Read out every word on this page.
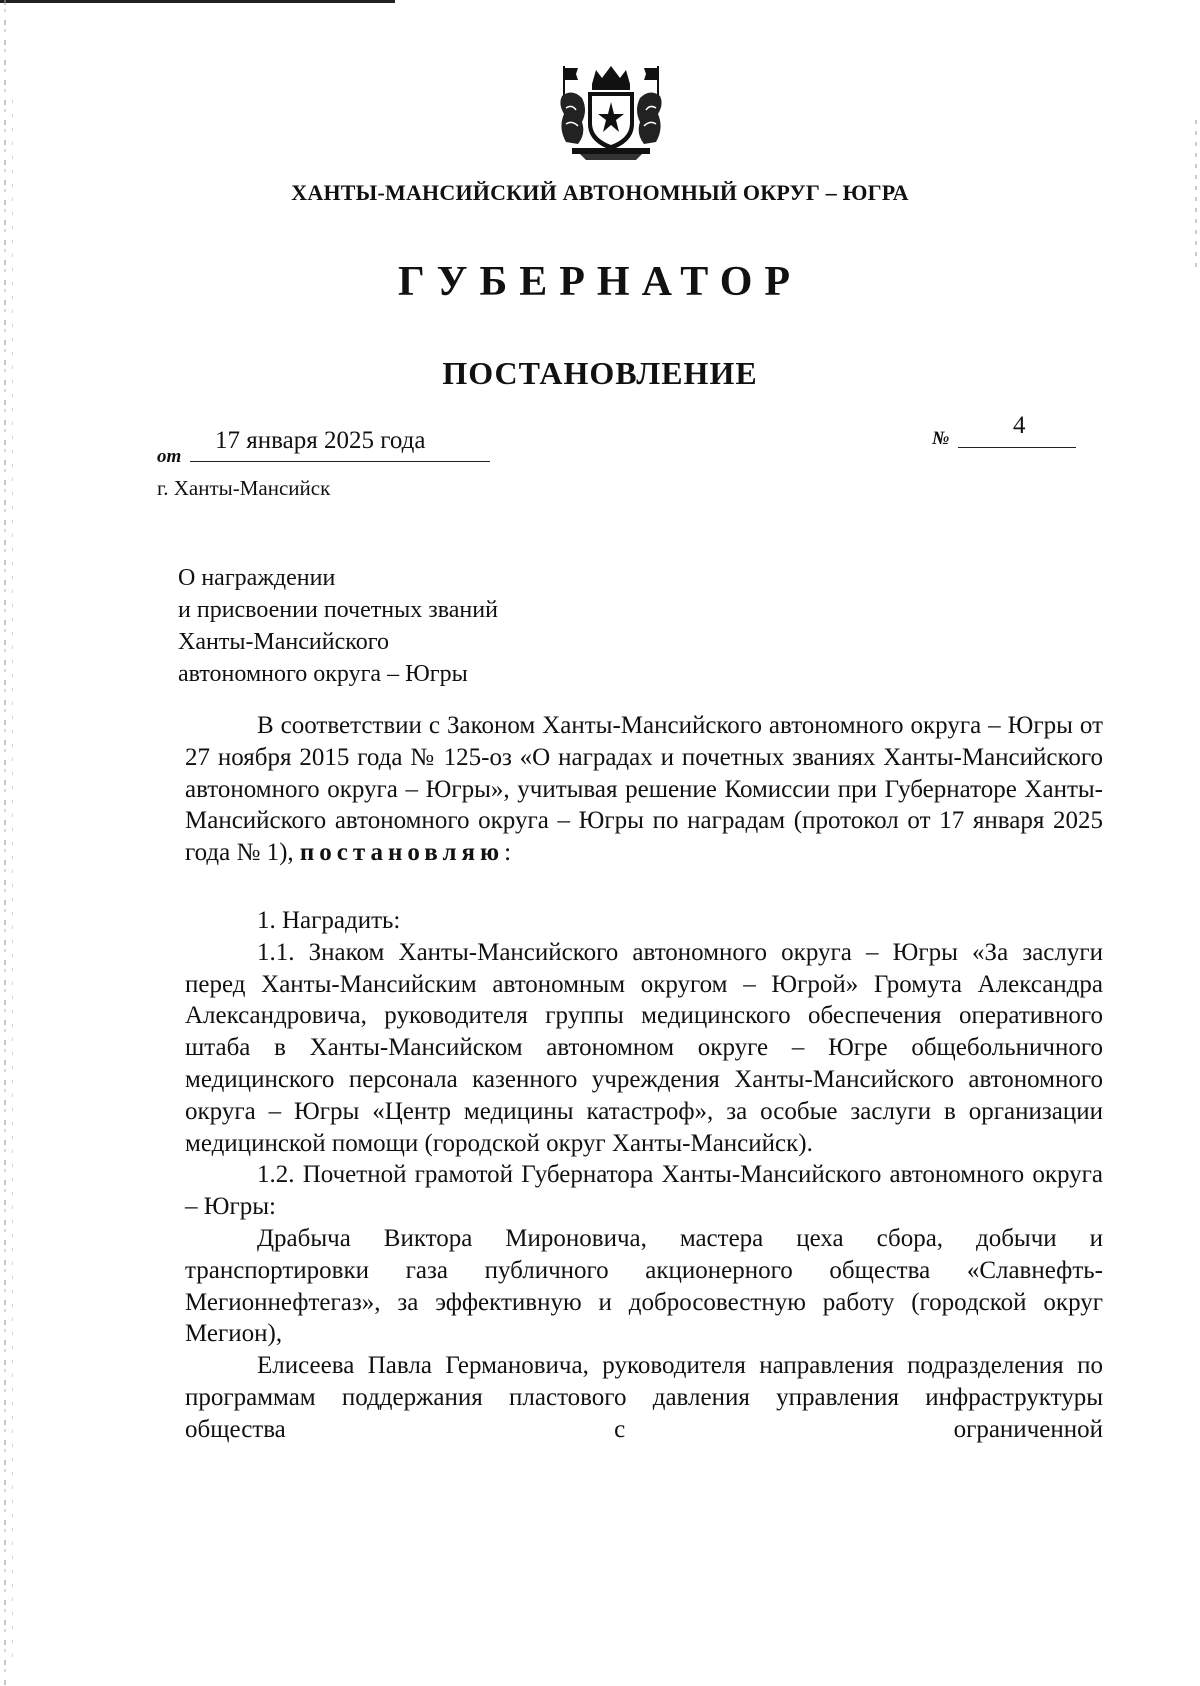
ХАНТЫ-МАНСИЙСКИЙ АВТОНОМНЫЙ ОКРУГ – ЮГРА
ГУБЕРНАТОР
ПОСТАНОВЛЕНИЕ
от
17 января 2025 года	№	4
г. Ханты-Мансийск
О награждении
и присвоении почетных званий
Ханты-Мансийского
автономного округа – Югры

В соответствии с Законом Ханты-Мансийского автономного округа – Югры от 27 ноября 2015 года № 125-оз «О наградах и почетных званиях Ханты-Мансийского автономного округа – Югры», учитывая решение Комиссии при Губернаторе Ханты-Мансийского автономного округа – Югры по наградам (протокол от 17 января 2025 года № 1), постановляю:

1. Наградить:

1.1. Знаком Ханты-Мансийского автономного округа – Югры «За заслуги перед Ханты-Мансийским автономным округом – Югрой» Громута Александра Александровича, руководителя группы медицинского обеспечения оперативного штаба в Ханты-Мансийском автономном округе – Югре общебольничного медицинского персонала казенного учреждения Ханты-Мансийского автономного округа – Югры «Центр медицины катастроф», за особые заслуги в организации медицинской помощи (городской округ Ханты-Мансийск).

1.2. Почетной грамотой Губернатора Ханты-Мансийского автономного округа – Югры:

Драбыча Виктора Мироновича, мастера цеха сбора, добычи и транспортировки газа публичного акционерного общества «Славнефть-Мегионнефтегаз», за эффективную и добросовестную работу (городской округ Мегион),

Елисеева Павла Германовича, руководителя направления подразделения по программам поддержания пластового давления управления инфраструктуры общества с ограниченной
